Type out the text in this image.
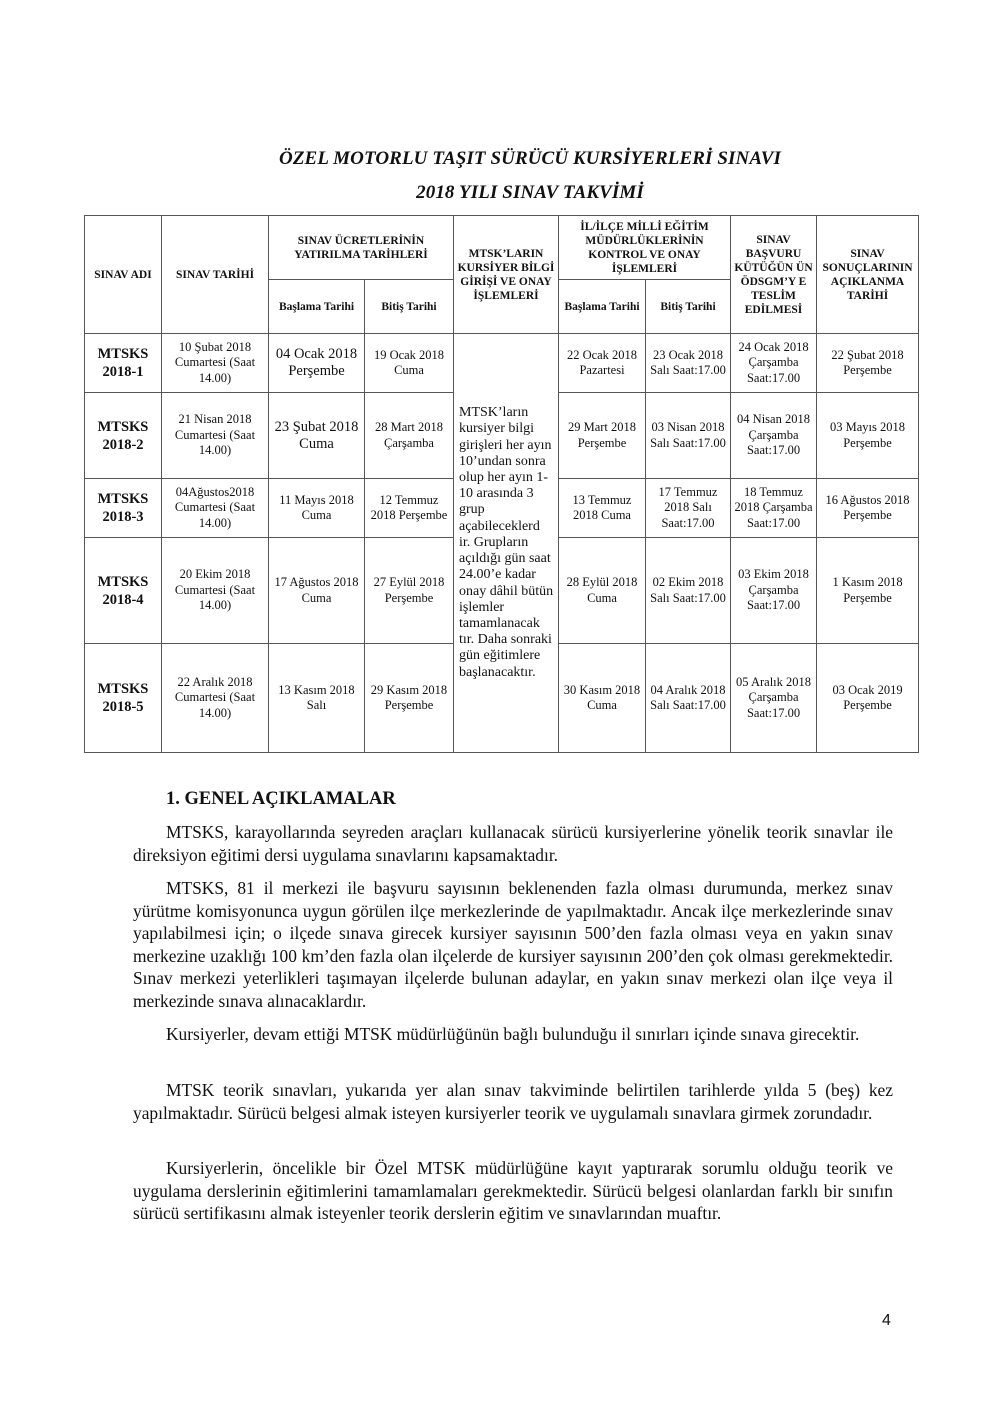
ÖZEL MOTORLU TAŞIT SÜRÜCÜ KURSİYERLERİ SINAVI
2018 YILI SINAV TAKVİMİ
SINAV ADI	SINAV TARİHİ	SINAV ÜCRETLERİNİN YATIRILMA TARİHLERİ		MTSK’LARIN KURSİYER BİLGİ GİRİŞİ VE ONAY İŞLEMLERİ	İL/İLÇE MİLLİ EĞİTİM MÜDÜRLÜKLERİNİN KONTROL VE ONAY İŞLEMLERİ		SINAV BAŞVURU KÜTÜĞÜN ÜN ÖDSGM’Y E TESLİM EDİLMESİ	SINAV SONUÇLARININ AÇIKLANMA TARİHİ
		Başlama Tarihi	Bitiş Tarihi		Başlama Tarihi	Bitiş Tarihi		
MTSKS 2018-1	10 Şubat 2018 Cumartesi (Saat 14.00)	04 Ocak 2018 Perşembe	19 Ocak 2018 Cuma	MTSK’ların kursiyer bilgi girişleri her ayın 10’undan sonra olup her ayın 1-10 arasında 3 grup açabileceklerd ir. Grupların açıldığı gün saat 24.00’e kadar onay dâhil bütün işlemler tamamlanacak tır. Daha sonraki gün eğitimlere başlanacaktır.	22 Ocak 2018 Pazartesi	23 Ocak 2018 Salı Saat:17.00	24 Ocak 2018 Çarşamba Saat:17.00	22 Şubat 2018 Perşembe
MTSKS 2018-2	21 Nisan 2018 Cumartesi (Saat 14.00)	23 Şubat 2018 Cuma	28 Mart 2018 Çarşamba		29 Mart 2018 Perşembe	03 Nisan 2018 Salı Saat:17.00	04 Nisan 2018 Çarşamba Saat:17.00	03 Mayıs 2018 Perşembe
MTSKS 2018-3	04Ağustos2018 Cumartesi (Saat 14.00)	11 Mayıs 2018 Cuma	12 Temmuz 2018 Perşembe		13 Temmuz 2018 Cuma	17 Temmuz 2018 Salı Saat:17.00	18 Temmuz 2018 Çarşamba Saat:17.00	16 Ağustos 2018 Perşembe
MTSKS 2018-4	20 Ekim 2018 Cumartesi (Saat 14.00)	17 Ağustos 2018 Cuma	27 Eylül 2018 Perşembe		28 Eylül 2018 Cuma	02 Ekim 2018 Salı Saat:17.00	03 Ekim 2018 Çarşamba Saat:17.00	1 Kasım 2018 Perşembe
MTSKS 2018-5	22 Aralık 2018 Cumartesi (Saat 14.00)	13 Kasım 2018 Salı	29 Kasım 2018 Perşembe		30 Kasım 2018 Cuma	04 Aralık 2018 Salı Saat:17.00	05 Aralık 2018 Çarşamba Saat:17.00	03 Ocak 2019 Perşembe
1. GENEL AÇIKLAMALAR
MTSKS, karayollarında seyreden araçları kullanacak sürücü kursiyerlerine yönelik teorik sınavlar ile direksiyon eğitimi dersi uygulama sınavlarını kapsamaktadır.
MTSKS, 81 il merkezi ile başvuru sayısının beklenenden fazla olması durumunda, merkez sınav yürütme komisyonunca uygun görülen ilçe merkezlerinde de yapılmaktadır. Ancak ilçe merkezlerinde sınav yapılabilmesi için; o ilçede sınava girecek kursiyer sayısının 500’den fazla olması veya en yakın sınav merkezine uzaklığı 100 km’den fazla olan ilçelerde de kursiyer sayısının 200’den çok olması gerekmektedir. Sınav merkezi yeterlikleri taşımayan ilçelerde bulunan adaylar, en yakın sınav merkezi olan ilçe veya il merkezinde sınava alınacaklardır.
Kursiyerler, devam ettiği MTSK müdürlüğünün bağlı bulunduğu il sınırları içinde sınava girecektir.
MTSK teorik sınavları, yukarıda yer alan sınav takviminde belirtilen tarihlerde yılda 5 (beş) kez yapılmaktadır. Sürücü belgesi almak isteyen kursiyerler teorik ve uygulamalı sınavlara girmek zorundadır.
Kursiyerlerin, öncelikle bir Özel MTSK müdürlüğüne kayıt yaptırarak sorumlu olduğu teorik ve uygulama derslerinin eğitimlerini tamamlamaları gerekmektedir. Sürücü belgesi olanlardan farklı bir sınıfın sürücü sertifikasını almak isteyenler teorik derslerin eğitim ve sınavlarından muaftır.
4
